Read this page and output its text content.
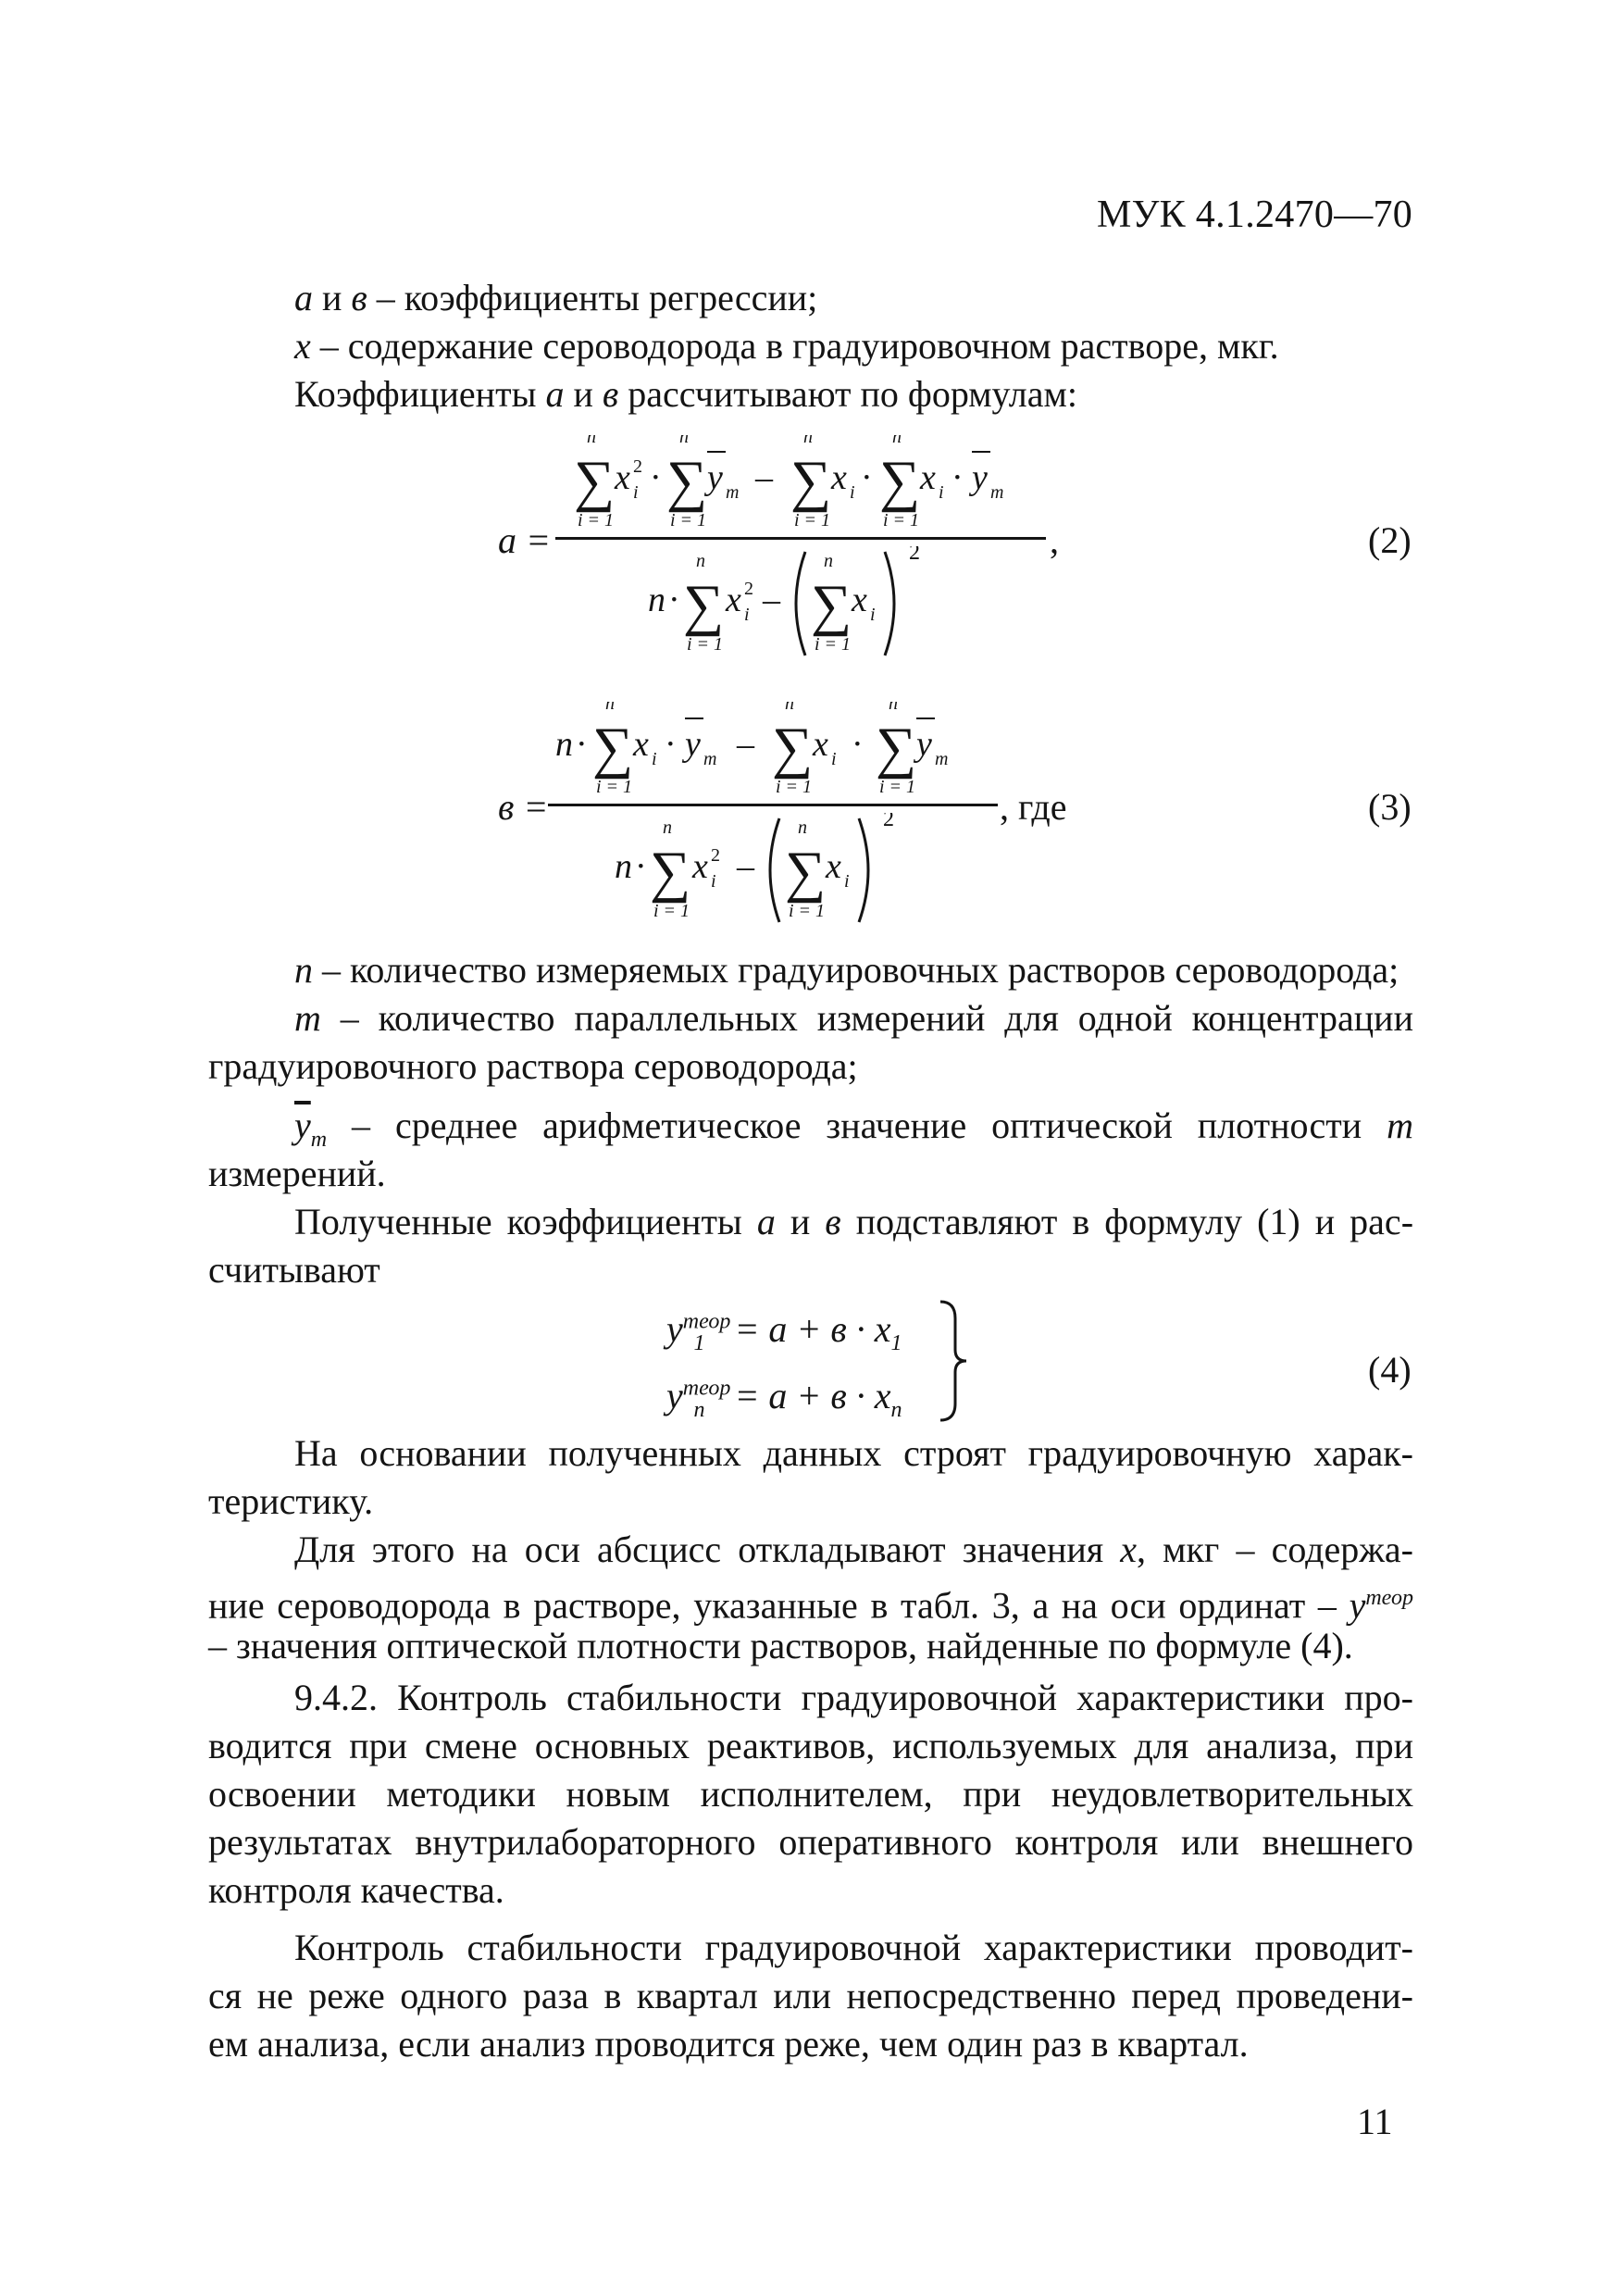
МУК 4.1.2470—70
а и в – коэффициенты регрессии;
х – содержание сероводорода в градуировочном растворе, мкг.
Коэффициенты а и в рассчитывают по формулам:
а =
n
∑
i = 1
x i
2 ·
n
∑
i = 1
y m –
n
∑
i = 1
x i ·
n
∑
i = 1
x i · y m
,
n ·
n
∑
i = 1
x i
2 –
n
∑
i = 1
x i
2	(2)
в =
n ·
n
∑
i = 1
x i · y m –
n
∑
i = 1
x i ·
n
∑
i = 1
y m
, где
n ·
n
∑
i = 1
x i
2 –
n
∑
i = 1
x i
2	(3)
n – количество измеряемых градуировочных растворов сероводорода;
m – количество параллельных измерений для одной концентрации
градуировочного раствора сероводорода;
$\overline{y}_m$ – среднее арифметическое значение оптической плотности m
измерений.
Полученные коэффициенты а и в подставляют в формулу (1) и рас-
считывают
$y^{теор}_1 = а + в \cdot x_1$
$y^{теор}_n = а + в \cdot x_n$
(4)
На основании полученных данных строят градуировочную харак-
теристику.
Для этого на оси абсцисс откладывают значения x, мкг – содержа-
ние сероводорода в растворе, указанные в табл. 3, а на оси ординат – $y^{теор}$
– значения оптической плотности растворов, найденные по формуле (4).
9.4.2. Контроль стабильности градуировочной характеристики про-
водится при смене основных реактивов, используемых для анализа, при
освоении методики новым исполнителем, при неудовлетворительных
результатах внутрилабораторного оперативного контроля или внешнего
контроля качества.
Контроль стабильности градуировочной характеристики проводит-
ся не реже одного раза в квартал или непосредственно перед проведени-
ем анализа, если анализ проводится реже, чем один раз в квартал.
11
